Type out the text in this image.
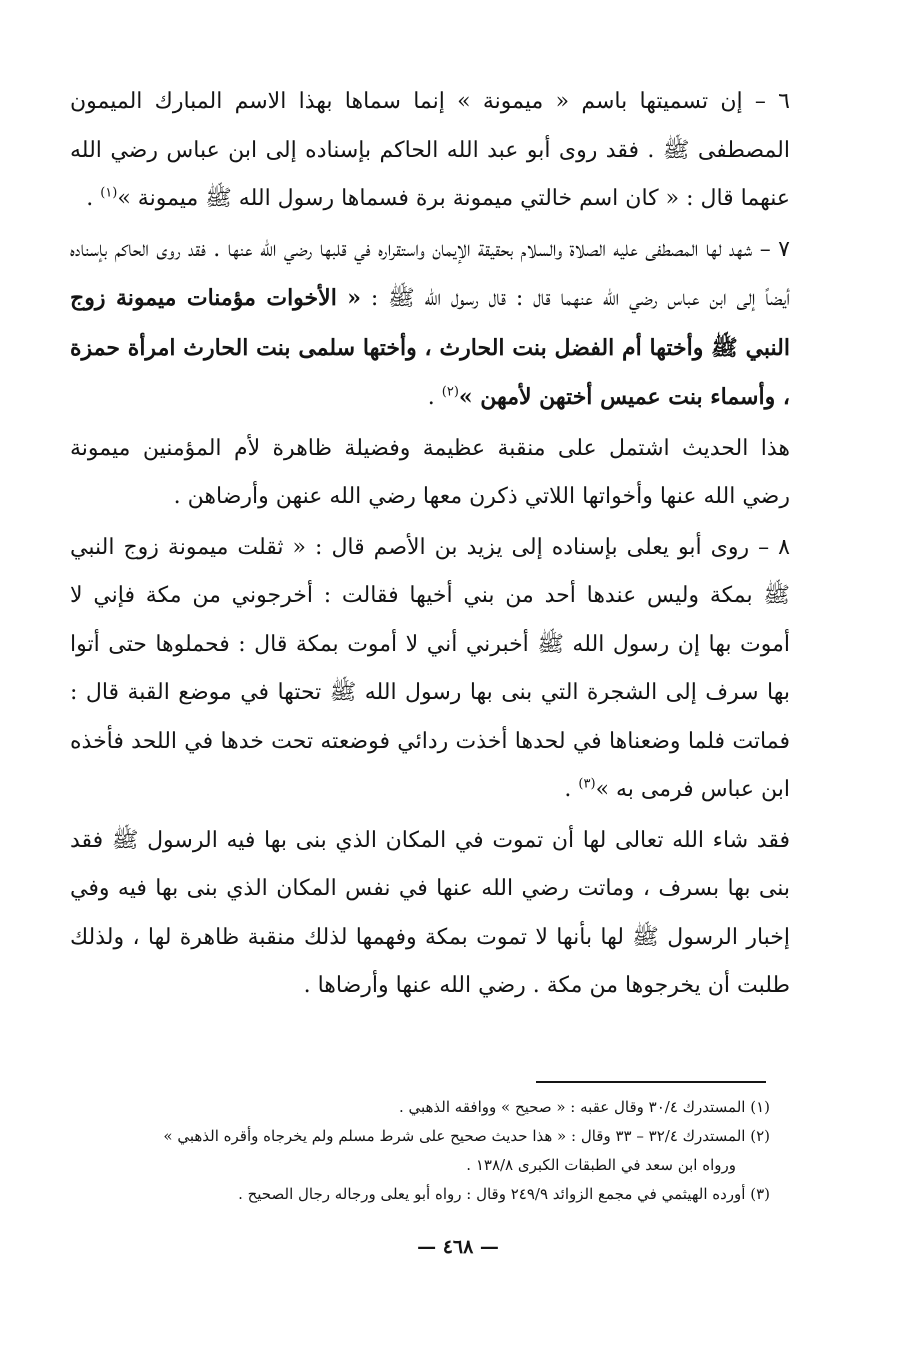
٦ – إن تسميتها باسم « ميمونة » إنما سماها بهذا الاسم المبارك الميمون المصطفى ﷺ . فقد روى أبو عبد الله الحاكم بإسناده إلى ابن عباس رضي الله عنهما قال : « كان اسم خالتي ميمونة برة فسماها رسول الله ﷺ ميمونة »$^{(١)}$ .

٧ – شهد لها المصطفى عليه الصلاة والسلام بحقيقة الإيمان واستقراره في قلبها رضي الله عنها . فقد روى الحاكم بإسناده أيضاً إلى ابن عباس رضي الله عنهما قال : قال رسول الله ﷺ : « الأخوات مؤمنات ميمونة زوج النبي ﷺ وأختها أم الفضل بنت الحارث ، وأختها سلمى بنت الحارث امرأة حمزة ، وأسماء بنت عميس أختهن لأمهن »$^{(٢)}$ .

هذا الحديث اشتمل على منقبة عظيمة وفضيلة ظاهرة لأم المؤمنين ميمونة رضي الله عنها وأخواتها اللاتي ذكرن معها رضي الله عنهن وأرضاهن .

٨ – روى أبو يعلى بإسناده إلى يزيد بن الأصم قال : « ثقلت ميمونة زوج النبي ﷺ بمكة وليس عندها أحد من بني أخيها فقالت : أخرجوني من مكة فإني لا أموت بها إن رسول الله ﷺ أخبرني أني لا أموت بمكة قال : فحملوها حتى أتوا بها سرف إلى الشجرة التي بنى بها رسول الله ﷺ تحتها في موضع القبة قال : فماتت فلما وضعناها في لحدها أخذت ردائي فوضعته تحت خدها في اللحد فأخذه ابن عباس فرمى به »$^{(٣)}$ .

فقد شاء الله تعالى لها أن تموت في المكان الذي بنى بها فيه الرسول ﷺ فقد بنى بها بسرف ، وماتت رضي الله عنها في نفس المكان الذي بنى بها فيه وفي إخبار الرسول ﷺ لها بأنها لا تموت بمكة وفهمها لذلك منقبة ظاهرة لها ، ولذلك طلبت أن يخرجوها من مكة . رضي الله عنها وأرضاها .

(١) المستدرك ٣٠/٤ وقال عقبه : « صحيح » ووافقه الذهبي .
(٢) المستدرك ٣٢/٤ – ٣٣ وقال : « هذا حديث صحيح على شرط مسلم ولم يخرجاه وأقره الذهبي »
ورواه ابن سعد في الطبقات الكبرى ١٣٨/٨ .
(٣) أورده الهيثمي في مجمع الزوائد ٢٤٩/٩ وقال : رواه أبو يعلى ورجاله رجال الصحيح .
— ٤٦٨ —
